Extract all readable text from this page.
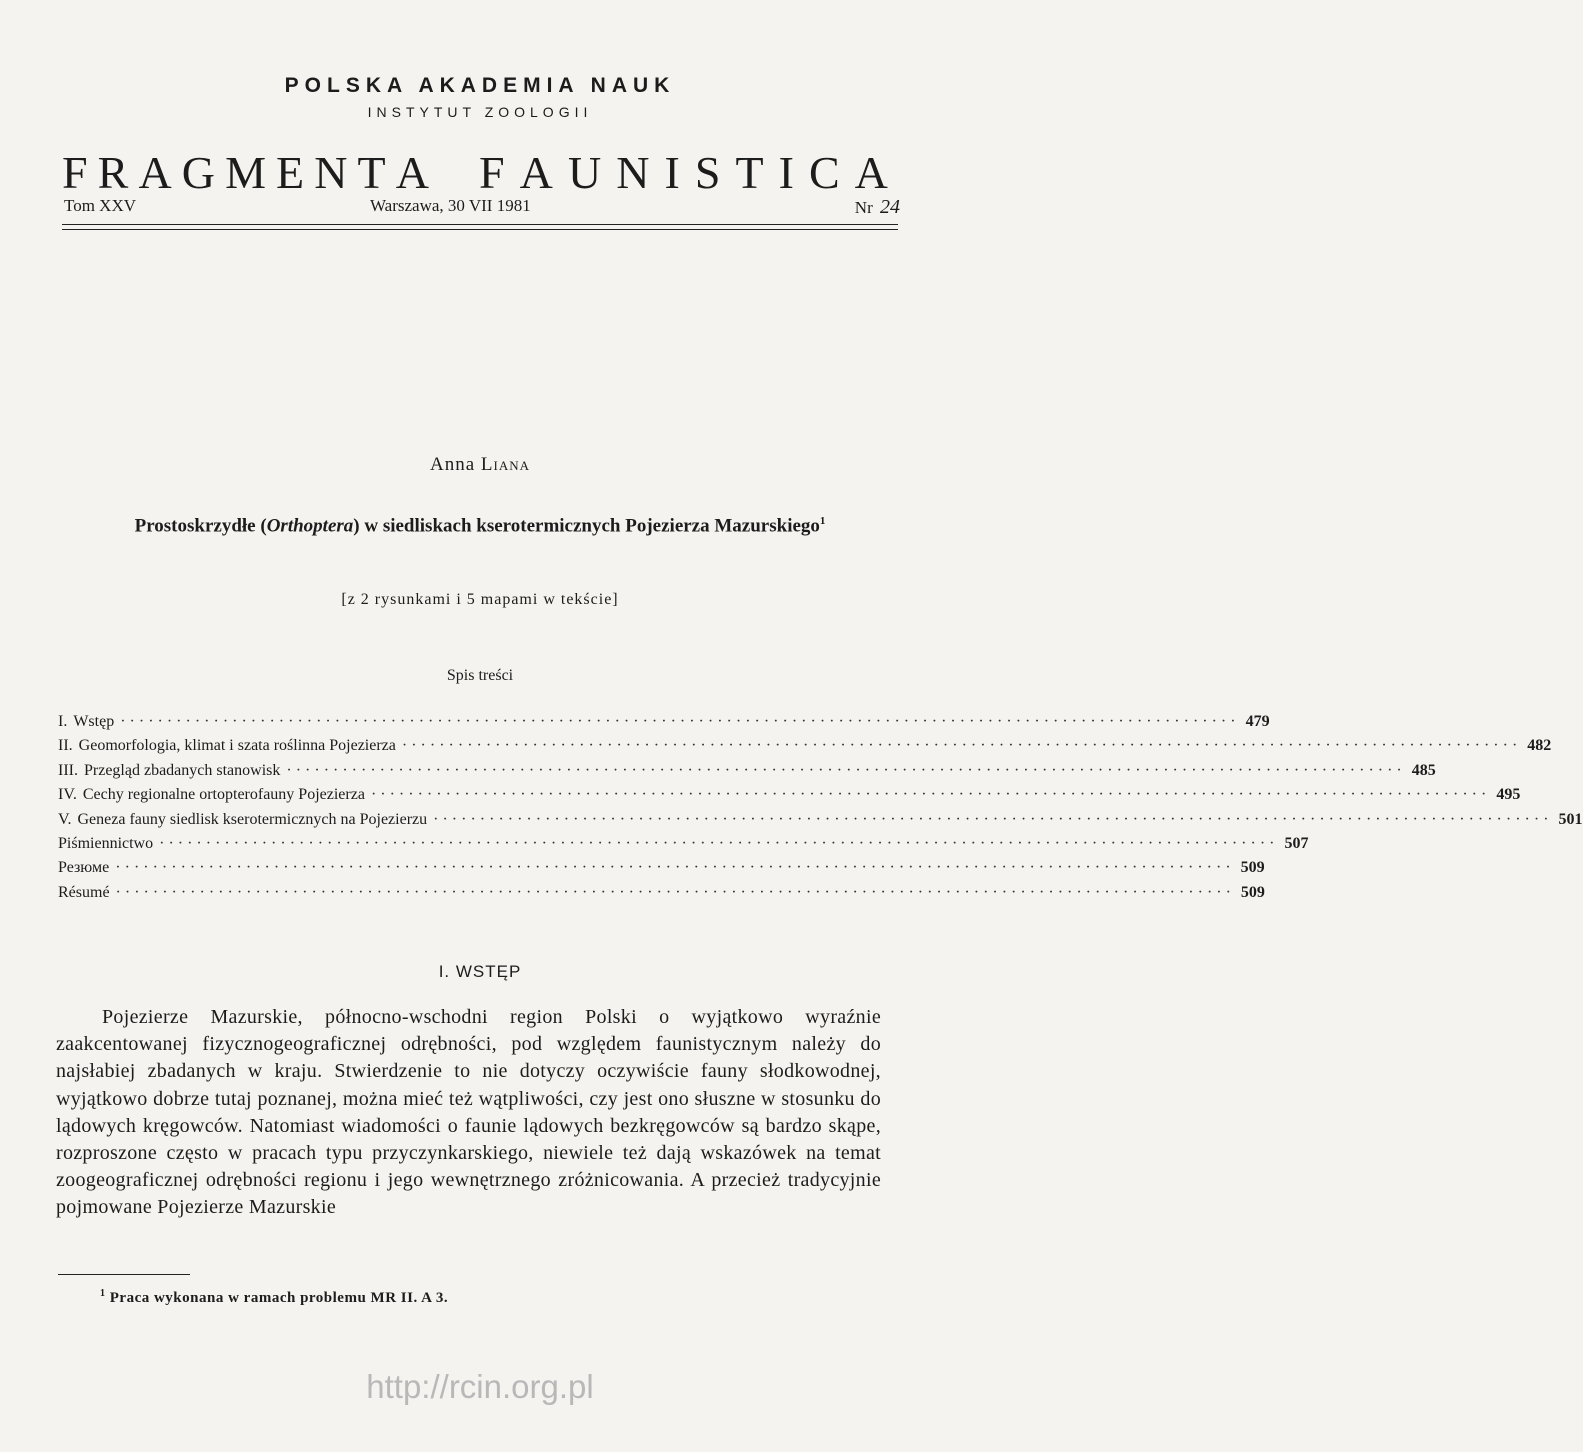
POLSKA AKADEMIA NAUK
INSTYTUT ZOOLOGII
F R A G M E N T A F A U N I S T I C A
Tom XXV	Warszawa, 30 VII 1981	Nr 24
Anna Liana
Prostoskrzydłe (Orthoptera) w siedliskach kserotermicznych Pojezierza Mazurskiego$^1$
[z 2 rysunkami i 5 mapami w tekście]
Spis treści
I. Wstęp ························································································································ 479
II. Geomorfologia, klimat i szata roślinna Pojezierza ························································································································ 482
III. Przegląd zbadanych stanowisk ························································································································ 485
IV. Cechy regionalne ortopterofauny Pojezierza ························································································································ 495
V. Geneza fauny siedlisk kserotermicznych na Pojezierzu ························································································································ 501
Piśmiennictwo ························································································································ 507
Резюме ························································································································ 509
Résumé ························································································································ 509
I. WSTĘP
Pojezierze Mazurskie, północno-wschodni region Polski o wyjątkowo wyraźnie zaakcentowanej fizycznogeograficznej odrębności, pod względem faunistycznym należy do najsłabiej zbadanych w kraju. Stwierdzenie to nie dotyczy oczywiście fauny słodkowodnej, wyjątkowo dobrze tutaj poznanej, można mieć też wątpliwości, czy jest ono słuszne w stosunku do lądowych kręgowców. Natomiast wiadomości o faunie lądowych bezkręgowców są bardzo skąpe, rozproszone często w pracach typu przyczynkarskiego, niewiele też dają wskazówek na temat zoogeograficznej odrębności regionu i jego wewnętrznego zróżnicowania. A przecież tradycyjnie pojmowane Pojezierze Mazurskie
$^1$ Praca wykonana w ramach problemu MR II. A 3.
http://rcin.org.pl
